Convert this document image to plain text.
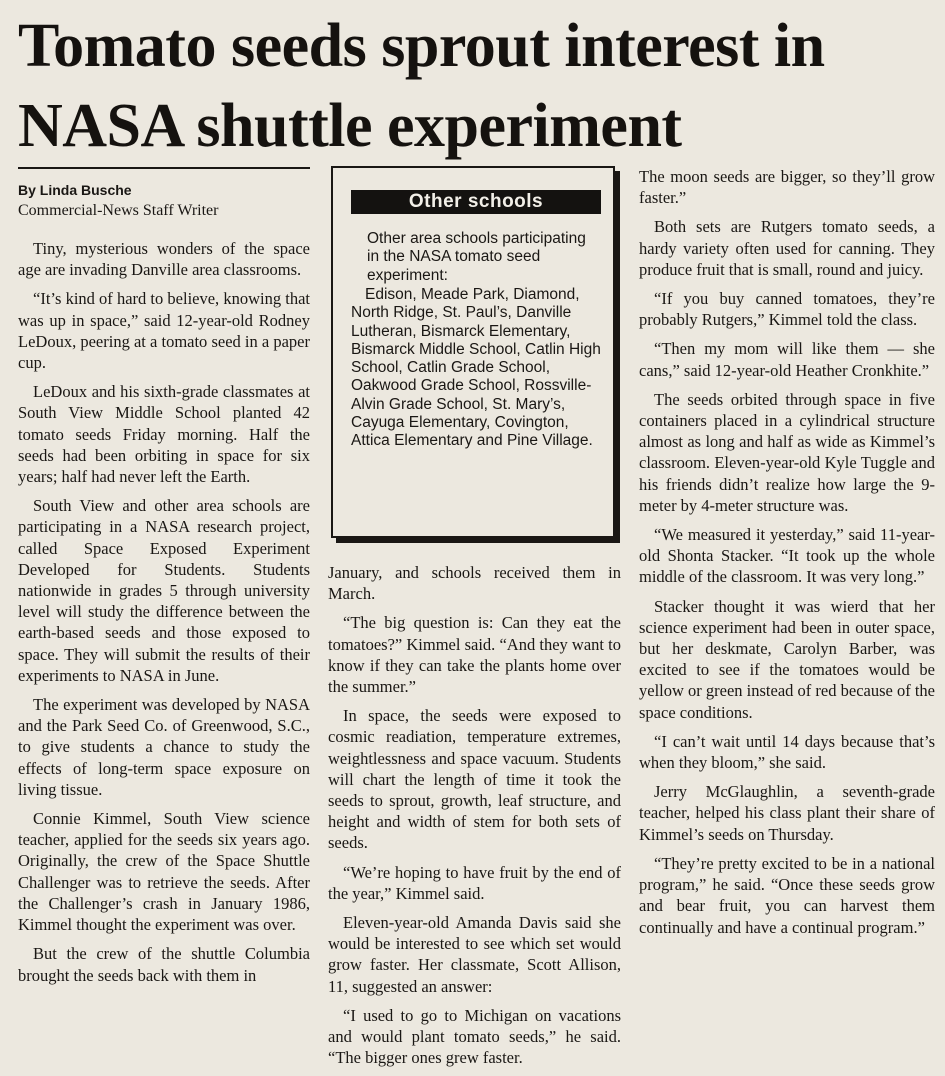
Tomato seeds sprout interest in NASA shuttle experiment
By Linda Busche
Commercial-News Staff Writer

Tiny, mysterious wonders of the space age are invading Danville area classrooms.

“It’s kind of hard to believe, knowing that was up in space,” said 12-year-old Rodney LeDoux, peering at a tomato seed in a paper cup.

LeDoux and his sixth-grade classmates at South View Middle School planted 42 tomato seeds Friday morning. Half the seeds had been orbiting in space for six years; half had never left the Earth.

South View and other area schools are participating in a NASA research project, called Space Exposed Experiment Developed for Students. Students nationwide in grades 5 through university level will study the difference between the earth-based seeds and those exposed to space. They will submit the results of their experiments to NASA in June.

The experiment was developed by NASA and the Park Seed Co. of Greenwood, S.C., to give students a chance to study the effects of long-term space exposure on living tissue.

Connie Kimmel, South View science teacher, applied for the seeds six years ago. Originally, the crew of the Space Shuttle Challenger was to retrieve the seeds. After the Challenger’s crash in January 1986, Kimmel thought the experiment was over.

But the crew of the shuttle Columbia brought the seeds back with them in

Other schools
Other area schools participating in the NASA tomato seed experiment:
Edison, Meade Park, Diamond, North Ridge, St. Paul’s, Danville Lutheran, Bismarck Elementary, Bismarck Middle School, Catlin High School, Catlin Grade School, Oakwood Grade School, Rossville-Alvin Grade School, St. Mary’s, Cayuga Elementary, Covington, Attica Elementary and Pine Village.

January, and schools received them in March.

“The big question is: Can they eat the tomatoes?” Kimmel said. “And they want to know if they can take the plants home over the summer.”

In space, the seeds were exposed to cosmic readiation, temperature extremes, weightlessness and space vacuum. Students will chart the length of time it took the seeds to sprout, growth, leaf structure, and height and width of stem for both sets of seeds.

“We’re hoping to have fruit by the end of the year,” Kimmel said.

Eleven-year-old Amanda Davis said she would be interested to see which set would grow faster. Her classmate, Scott Allison, 11, suggested an answer:

“I used to go to Michigan on vacations and would plant tomato seeds,” he said. “The bigger ones grew faster.

The moon seeds are bigger, so they’ll grow faster.”

Both sets are Rutgers tomato seeds, a hardy variety often used for canning. They produce fruit that is small, round and juicy.

“If you buy canned tomatoes, they’re probably Rutgers,” Kimmel told the class.

“Then my mom will like them — she cans,” said 12-year-old Heather Cronkhite.”

The seeds orbited through space in five containers placed in a cylindrical structure almost as long and half as wide as Kimmel’s classroom. Eleven-year-old Kyle Tuggle and his friends didn’t realize how large the 9-meter by 4-meter structure was.

“We measured it yesterday,” said 11-year-old Shonta Stacker. “It took up the whole middle of the classroom. It was very long.”

Stacker thought it was wierd that her science experiment had been in outer space, but her deskmate, Carolyn Barber, was excited to see if the tomatoes would be yellow or green instead of red because of the space conditions.

“I can’t wait until 14 days because that’s when they bloom,” she said.

Jerry McGlaughlin, a seventh-grade teacher, helped his class plant their share of Kimmel’s seeds on Thursday.

“They’re pretty excited to be in a national program,” he said. “Once these seeds grow and bear fruit, you can harvest them continually and have a continual program.”
